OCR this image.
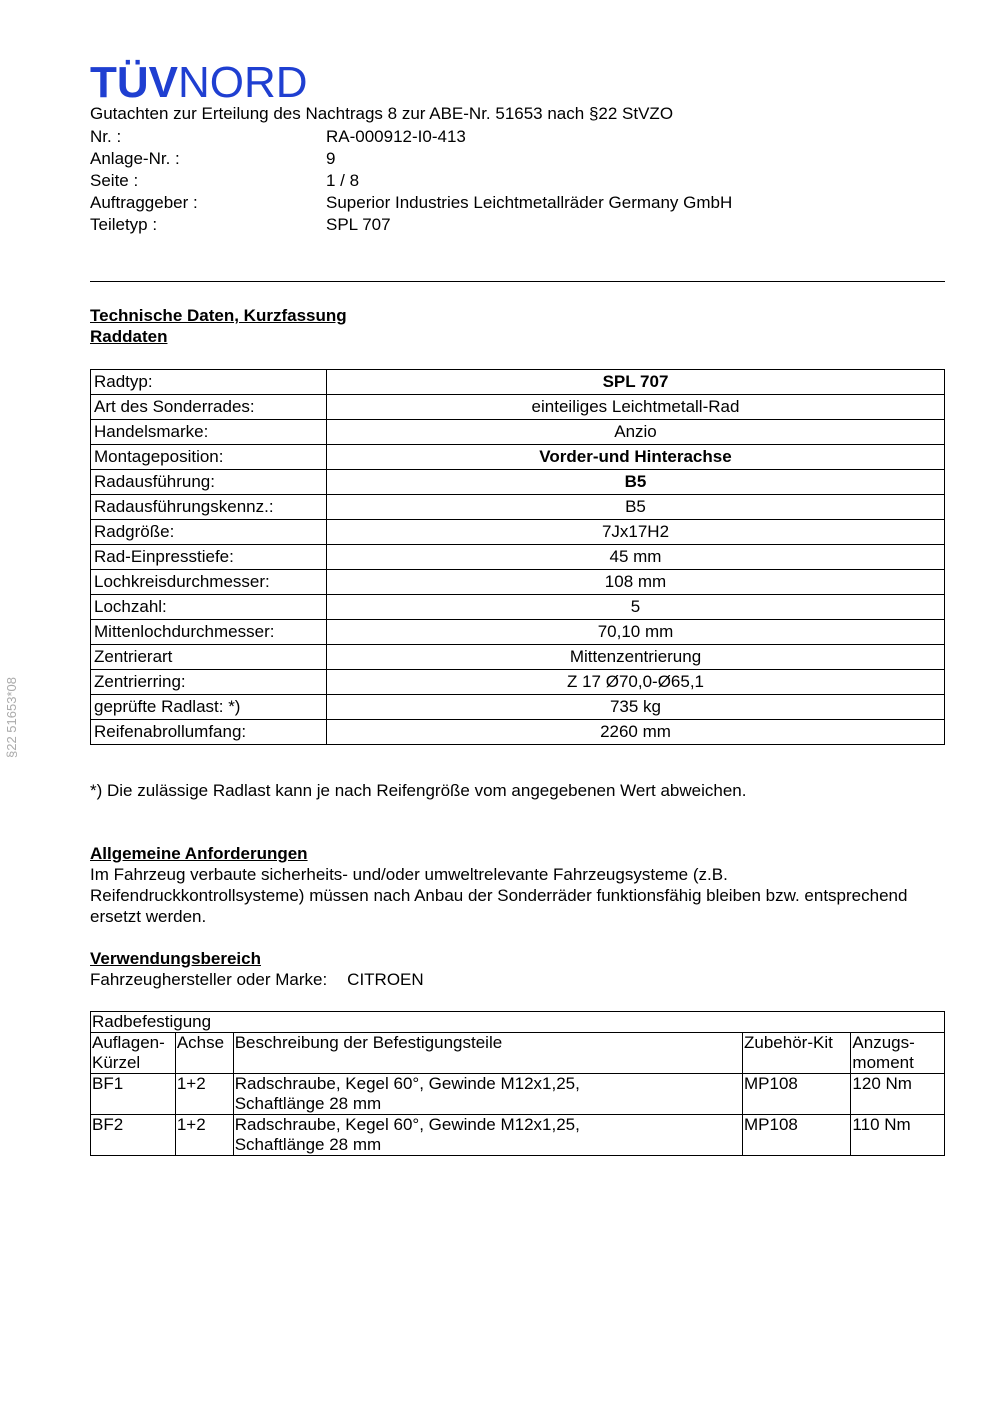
TÜVNORD
Gutachten zur Erteilung des Nachtrags 8 zur ABE-Nr. 51653 nach §22 StVZO
Nr. :	RA-000912-I0-413
Anlage-Nr. :	9
Seite :	1 / 8
Auftraggeber :	Superior Industries Leichtmetallräder Germany GmbH
Teiletyp :	SPL 707
§22 51653*08
Technische Daten, Kurzfassung
Raddaten
Radtyp:	SPL 707
Art des Sonderrades:	einteiliges Leichtmetall-Rad
Handelsmarke:	Anzio
Montageposition:	Vorder-und Hinterachse
Radausführung:	B5
Radausführungskennz.:	B5
Radgröße:	7Jx17H2
Rad-Einpresstiefe:	45 mm
Lochkreisdurchmesser:	108 mm
Lochzahl:	5
Mittenlochdurchmesser:	70,10 mm
Zentrierart	Mittenzentrierung
Zentrierring:	Z 17 Ø70,0-Ø65,1
geprüfte Radlast: *)	735 kg
Reifenabrollumfang:	2260 mm
*) Die zulässige Radlast kann je nach Reifengröße vom angegebenen Wert abweichen.
Allgemeine Anforderungen

Im Fahrzeug verbaute sicherheits- und/oder umweltrelevante Fahrzeugsysteme (z.B. Reifendruckkontrollsysteme) müssen nach Anbau der Sonderräder funktionsfähig bleiben bzw. entsprechend ersetzt werden.

Verwendungsbereich
Fahrzeughersteller oder Marke: CITROEN
Radbefestigung				
Auflagen-Kürzel	Achse	Beschreibung der Befestigungsteile	Zubehör-Kit	Anzugs-moment
BF1	1+2	Radschraube, Kegel 60°, Gewinde M12x1,25, Schaftlänge 28 mm	MP108	120 Nm
BF2	1+2	Radschraube, Kegel 60°, Gewinde M12x1,25, Schaftlänge 28 mm	MP108	110 Nm
